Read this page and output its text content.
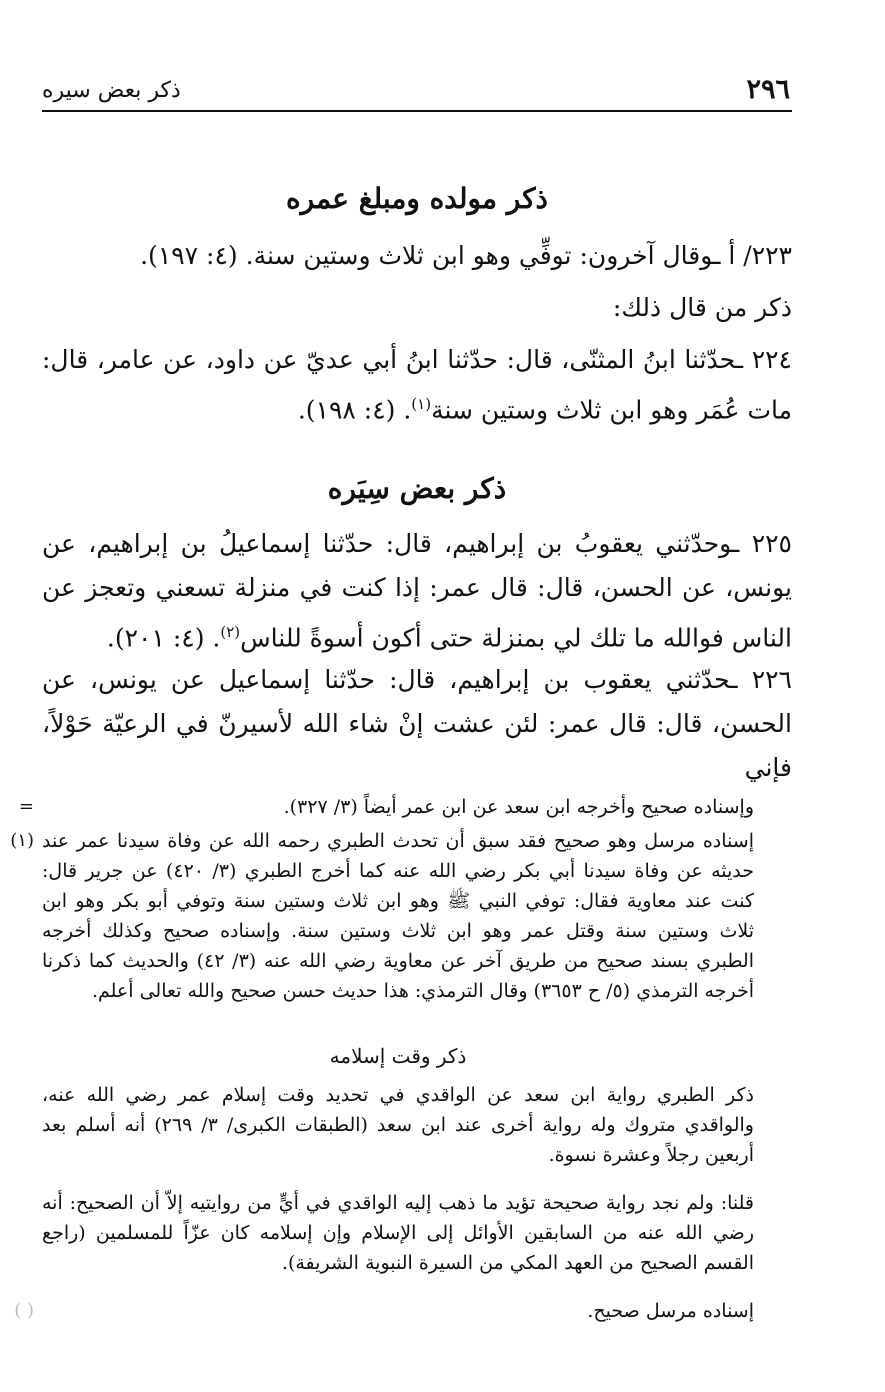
٢٩٦
ذكر بعض سيره
ذكر مولده ومبلغ عمره
٢٢٣/ أ ـوقال آخرون: توفِّي وهو ابن ثلاث وستين سنة. (٤: ١٩٧).
ذكر من قال ذلك:
٢٢٤ ـحدّثنا ابنُ المثنّى، قال: حدّثنا ابنُ أبي عديّ عن داود، عن عامر، قال: مات عُمَر وهو ابن ثلاث وستين سنة$^{(١)}$. (٤: ١٩٨).
ذكر بعض سِيَره
٢٢٥ ـوحدّثني يعقوبُ بن إبراهيم، قال: حدّثنا إسماعيلُ بن إبراهيم، عن يونس، عن الحسن، قال: قال عمر: إذا كنت في منزلة تسعني وتعجز عن الناس فوالله ما تلك لي بمنزلة حتى أكون أسوةً للناس$^{(٢)}$. (٤: ٢٠١).
٢٢٦ ـحدّثني يعقوب بن إبراهيم، قال: حدّثنا إسماعيل عن يونس، عن الحسن، قال: قال عمر: لئن عشت إنْ شاء الله لأسيرنّ في الرعيّة حَوْلاً، فإني
=	وإسناده صحيح وأخرجه ابن سعد عن ابن عمر أيضاً (٣/ ٣٢٧).
(١) إسناده مرسل وهو صحيح فقد سبق أن تحدث الطبري رحمه الله عن وفاة سيدنا عمر عند حديثه عن وفاة سيدنا أبي بكر رضي الله عنه كما أخرج الطبري (٣/ ٤٢٠) عن جرير قال: كنت عند معاوية فقال: توفي النبي ﷺ وهو ابن ثلاث وستين سنة وتوفي أبو بكر وهو ابن ثلاث وستين سنة وقتل عمر وهو ابن ثلاث وستين سنة. وإسناده صحيح وكذلك أخرجه الطبري بسند صحيح من طريق آخر عن معاوية رضي الله عنه (٣/ ٤٢) والحديث كما ذكرنا أخرجه الترمذي (٥/ ح ٣٦٥٣) وقال الترمذي: هذا حديث حسن صحيح والله تعالى أعلم.
ذكر وقت إسلامه
ذكر الطبري رواية ابن سعد عن الواقدي في تحديد وقت إسلام عمر رضي الله عنه، والواقدي متروك وله رواية أخرى عند ابن سعد (الطبقات الكبرى/ ٣/ ٢٦٩) أنه أسلم بعد أربعين رجلاً وعشرة نسوة.
قلنا: ولم نجد رواية صحيحة تؤيد ما ذهب إليه الواقدي في أيٍّ من روايتيه إلاّ أن الصحيح: أنه رضي الله عنه من السابقين الأوائل إلى الإسلام وإن إسلامه كان عزّاً للمسلمين (راجع القسم الصحيح من العهد المكي من السيرة النبوية الشريفة).
( )	إسناده مرسل صحيح.
